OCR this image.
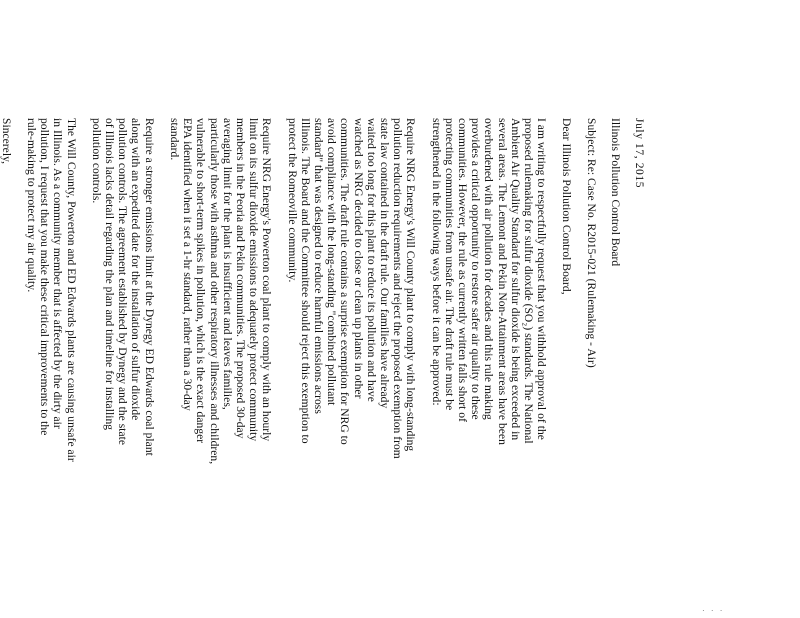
July 17, 2015

Illinois Pollution Control Board

Subject: Re: Case No. R2015-021 (Rulemaking - Air)

Dear Illinois Pollution Control Board,

I am writing to respectfully request that you withhold approval of the
proposed rulemaking for sulfur dioxide (SO₂) standards. The National
Ambient Air Quality Standard for sulfur dioxide is being exceeded in
several areas. The Lemont and Pekin Non-Attainment areas have been
overburdened with air pollution for decades and this rule making
provides a critical opportunity to restore safer air quality to these
communities. However, the rule as currently written falls short of
protecting communities from unsafe air. The draft rule must be
strengthened in the following ways before it can be approved:

Require NRG Energy's Will County plant to comply with long-standing
pollution reduction requirements and reject the proposed exemption from
state law contained in the draft rule. Our families have already
waited too long for this plant to reduce its pollution and have
watched as NRG decided to close or clean up plants in other
communities. The draft rule contains a surprise exemption for NRG to
avoid compliance with the long-standing "combined pollutant
standard" that was designed to reduce harmful emissions across
Illinois. The Board and the Committee should reject this exemption to
protect the Romeoville community.

Require NRG Energy's Powerton coal plant to comply with an hourly
limit on its sulfur dioxide emissions to adequately protect community
members in the Peoria and Pekin communities. The proposed 30-day
averaging limit for the plant is insufficient and leaves families,
particularly those with asthma and other respiratory illnesses and children,
vulnerable to short-term spikes in pollution, which is the exact danger
EPA identified when it set a 1-hr standard, rather than a 30-day
standard.

Require a stronger emissions limit at the Dynegy ED Edwards coal plant
along with an expedited date for the installation of sulfur dioxide
pollution controls. The agreement established by Dynegy and the state
of Illinois lacks detail regarding the plan and timeline for installing
pollution controls.

The Will County, Powerton and ED Edwards plants are causing unsafe air
in Illinois. As a community member that is affected by the dirty air
pollution, I request that you make these critical improvements to the
rule-making to protect my air quality.

Sincerely,

· · ·
